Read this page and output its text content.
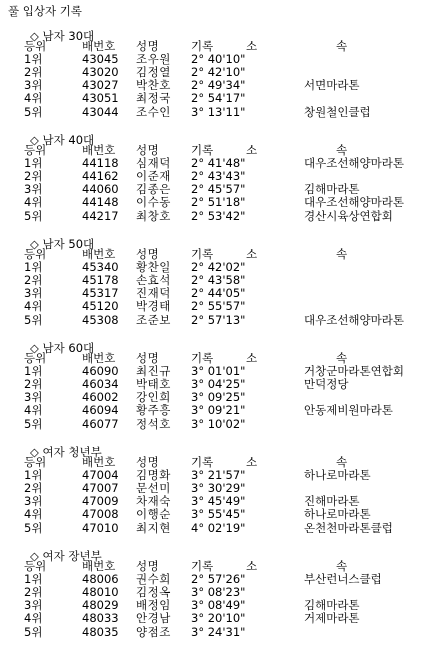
풀 입상자 기록
◇ 남자 30대
등위	배번호 성명	기록	소	속
1위	43045 조우원 2° 40'10"
2위	43020 김정열 2° 42'10"
3위	43027 박찬호 2° 49'34"	서면마라톤
4위	43051 최정국 2° 54'17"
5위	43044 조수인 3° 13'11"	창원철인클럽
◇ 남자 40대
등위	배번호 성명	기록	소	속
1위	44118 심재덕 2° 41'48"	대우조선해양마라톤
2위	44162 이준재 2° 43'43"
3위	44060 김종은 2° 45'57"	김해마라톤
4위	44148 이수동 2° 51'18"	대우조선해양마라톤
5위	44217 최창호 2° 53'42"	경산시육상연합회
◇ 남자 50대
등위	배번호 성명	기록	소	속
1위	45340 황찬일 2° 42'02"
2위	45178 손효석 2° 43'58"
3위	45317 진재덕 2° 44'05"
4위	45120 박경태 2° 55'57"
5위	45308 조준보 2° 57'13"	대우조선해양마라톤
◇ 남자 60대
등위	배번호 성명	기록	소	속
1위	46090 최진규 3° 01'01"	거창군마라톤연합회
2위	46034 박태호 3° 04'25"	만덕정당
3위	46002 강인희 3° 09'25"
4위	46094 황주흥 3° 09'21"	안동제비원마라톤
5위	46077 정석호 3° 10'02"
◇ 여자 청년부
등위	배번호 성명	기록	소	속
1위	47004 김명화 3° 21'57"	하나로마라톤
2위	47007 문선미 3° 30'29"
3위	47009 차재숙 3° 45'49"	진해마라톤
4위	47008 이행순 3° 55'45"	하나로마라톤
5위	47010 최지현 4° 02'19"	온천천마라톤클럽
◇ 여자 장년부
등위	배번호 성명	기록	소	속
1위	48006 권수희 2° 57'26"	부산런너스클럽
2위	48010 김정옥 3° 08'23"
3위	48029 배정임 3° 08'49"	김해마라톤
4위	48033 안경남 3° 20'10"	거제마라톤
5위	48035 양점조 3° 24'31"
